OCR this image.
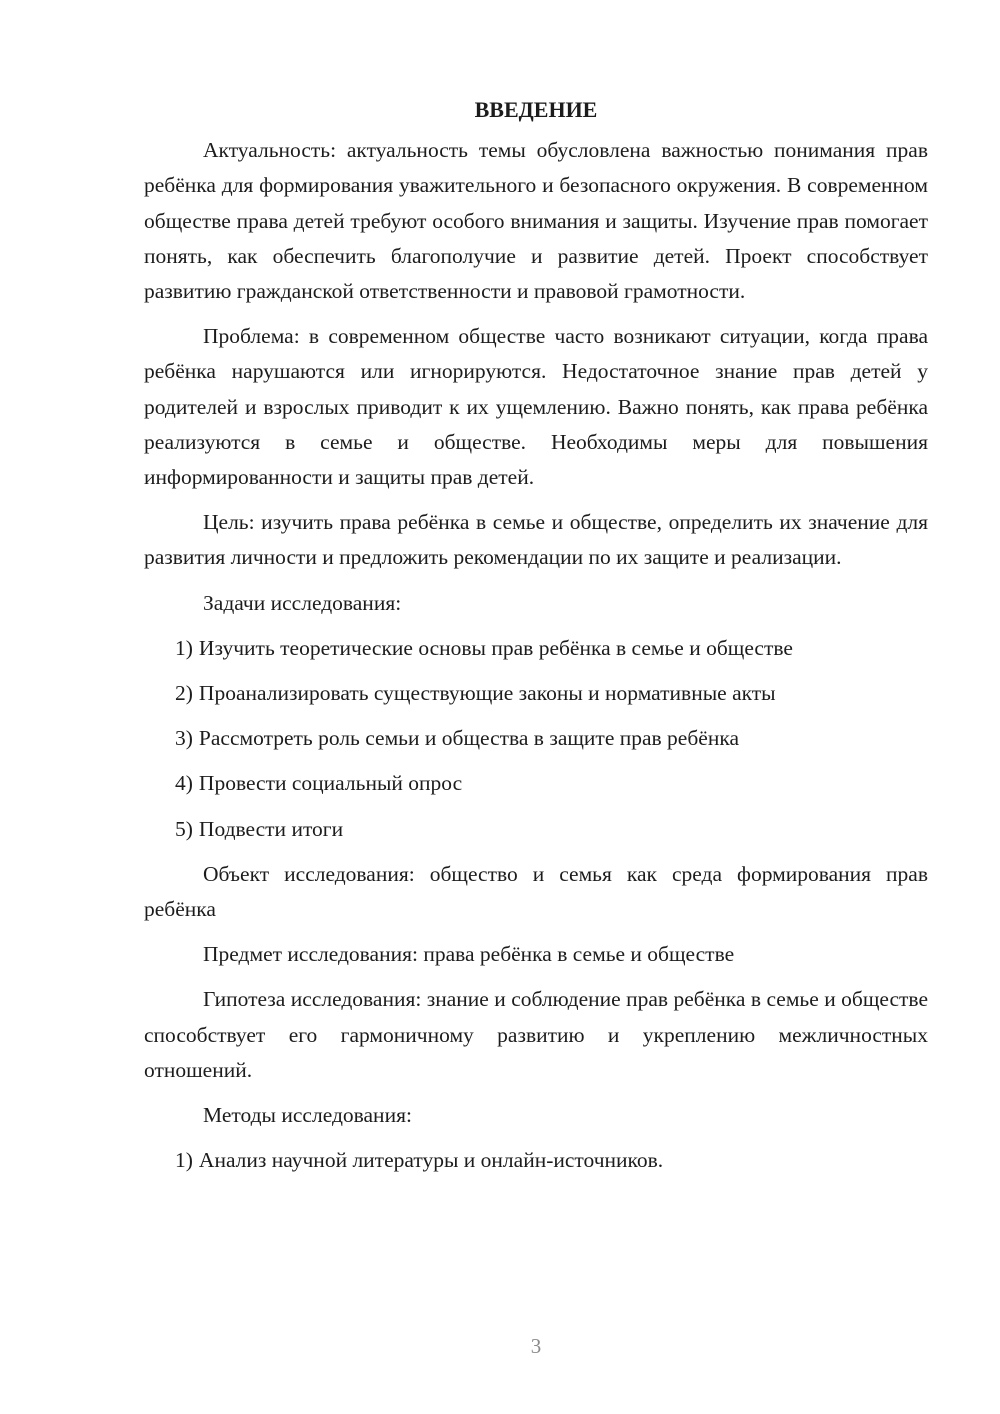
ВВЕДЕНИЕ

Актуальность: актуальность темы обусловлена важностью понимания прав ребёнка для формирования уважительного и безопасного окружения. В современном обществе права детей требуют особого внимания и защиты. Изучение прав помогает понять, как обеспечить благополучие и развитие детей. Проект способствует развитию гражданской ответственности и правовой грамотности.

Проблема: в современном обществе часто возникают ситуации, когда права ребёнка нарушаются или игнорируются. Недостаточное знание прав детей у родителей и взрослых приводит к их ущемлению. Важно понять, как права ребёнка реализуются в семье и обществе. Необходимы меры для повышения информированности и защиты прав детей.

Цель: изучить права ребёнка в семье и обществе, определить их значение для развития личности и предложить рекомендации по их защите и реализации.

Задачи исследования:

1) Изучить теоретические основы прав ребёнка в семье и обществе
2) Проанализировать существующие законы и нормативные акты
3) Рассмотреть роль семьи и общества в защите прав ребёнка
4) Провести социальный опрос
5) Подвести итоги

Объект исследования: общество и семья как среда формирования прав ребёнка

Предмет исследования: права ребёнка в семье и обществе

Гипотеза исследования: знание и соблюдение прав ребёнка в семье и обществе способствует его гармоничному развитию и укреплению межличностных отношений.

Методы исследования:

1) Анализ научной литературы и онлайн-источников.
3
